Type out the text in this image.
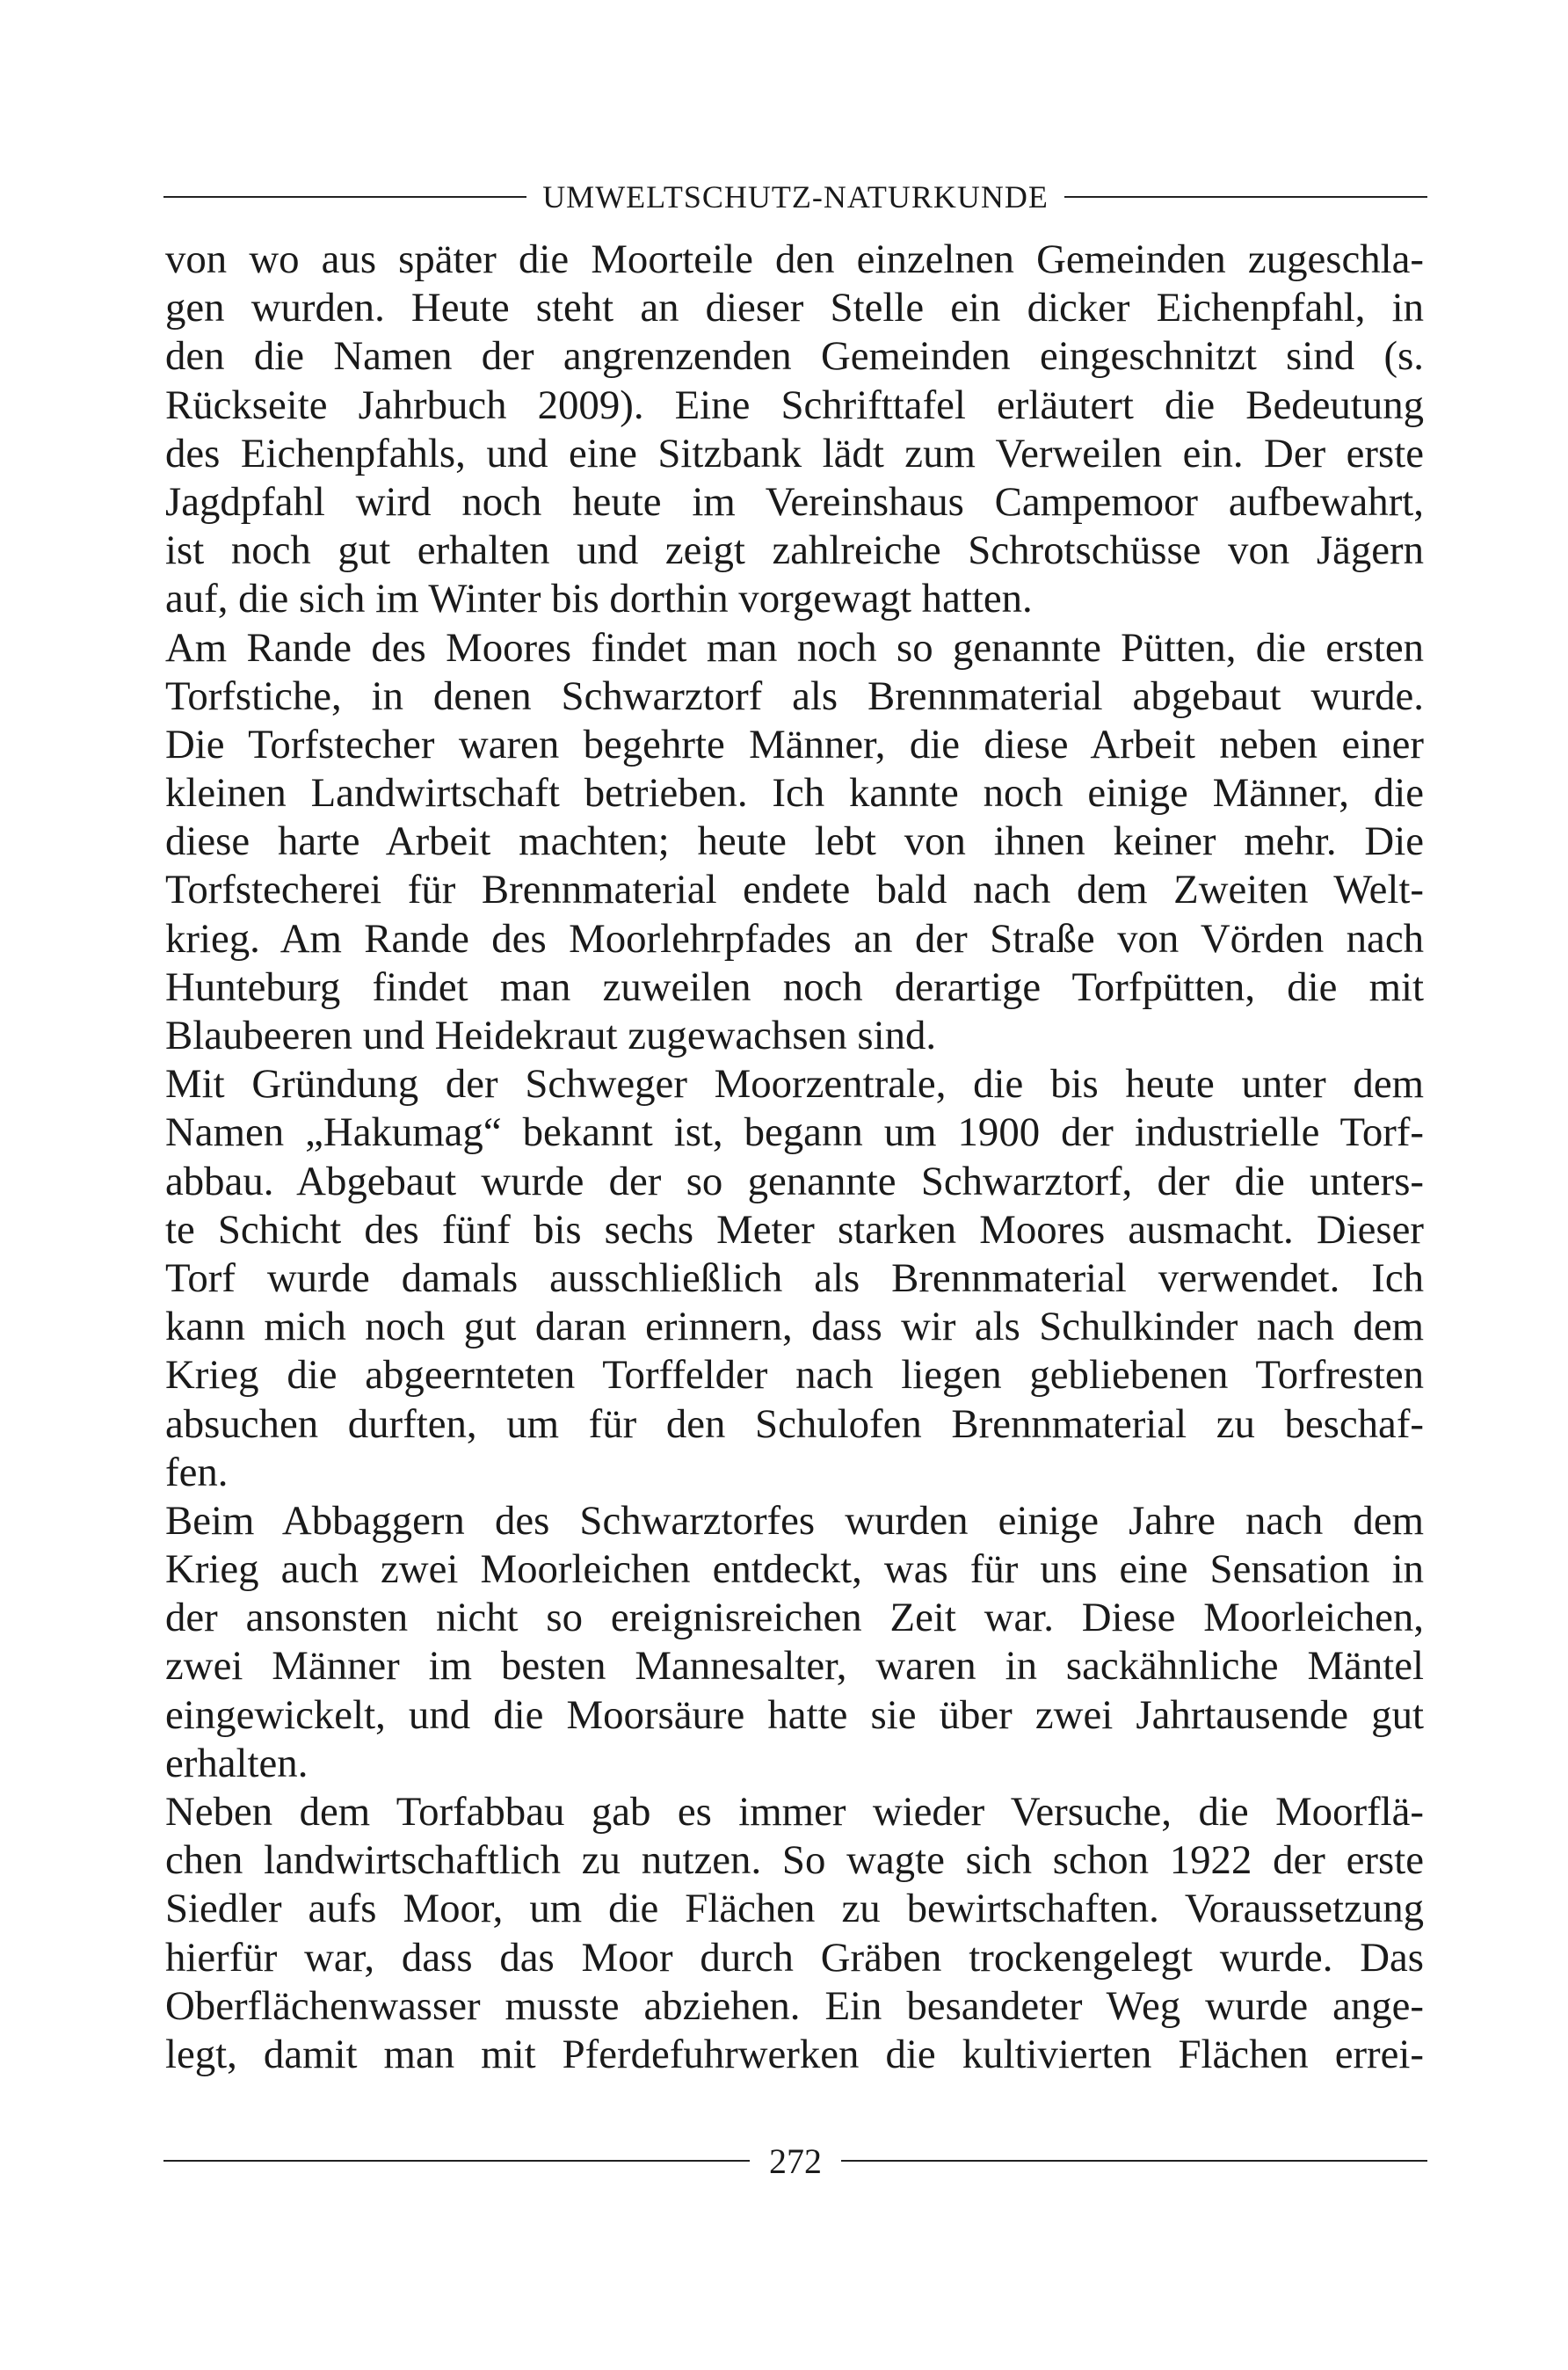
UMWELTSCHUTZ-NATURKUNDE
von wo aus später die Moorteile den einzelnen Gemeinden zugeschla-
gen wurden. Heute steht an dieser Stelle ein dicker Eichenpfahl, in
den die Namen der angrenzenden Gemeinden eingeschnitzt sind (s.
Rückseite Jahrbuch 2009). Eine Schrifttafel erläutert die Bedeutung
des Eichenpfahls, und eine Sitzbank lädt zum Verweilen ein. Der erste
Jagdpfahl wird noch heute im Vereinshaus Campemoor aufbewahrt,
ist noch gut erhalten und zeigt zahlreiche Schrotschüsse von Jägern
auf, die sich im Winter bis dorthin vorgewagt hatten.
Am Rande des Moores findet man noch so genannte Pütten, die ersten
Torfstiche, in denen Schwarztorf als Brennmaterial abgebaut wurde.
Die Torfstecher waren begehrte Männer, die diese Arbeit neben einer
kleinen Landwirtschaft betrieben. Ich kannte noch einige Männer, die
diese harte Arbeit machten; heute lebt von ihnen keiner mehr. Die
Torfstecherei für Brennmaterial endete bald nach dem Zweiten Welt-
krieg. Am Rande des Moorlehrpfades an der Straße von Vörden nach
Hunteburg findet man zuweilen noch derartige Torfpütten, die mit
Blaubeeren und Heidekraut zugewachsen sind.
Mit Gründung der Schweger Moorzentrale, die bis heute unter dem
Namen „Hakumag“ bekannt ist, begann um 1900 der industrielle Torf-
abbau. Abgebaut wurde der so genannte Schwarztorf, der die unters-
te Schicht des fünf bis sechs Meter starken Moores ausmacht. Dieser
Torf wurde damals ausschließlich als Brennmaterial verwendet. Ich
kann mich noch gut daran erinnern, dass wir als Schulkinder nach dem
Krieg die abgeernteten Torffelder nach liegen gebliebenen Torfresten
absuchen durften, um für den Schulofen Brennmaterial zu beschaf-
fen.
Beim Abbaggern des Schwarztorfes wurden einige Jahre nach dem
Krieg auch zwei Moorleichen entdeckt, was für uns eine Sensation in
der ansonsten nicht so ereignisreichen Zeit war. Diese Moorleichen,
zwei Männer im besten Mannesalter, waren in sackähnliche Mäntel
eingewickelt, und die Moorsäure hatte sie über zwei Jahrtausende gut
erhalten.
Neben dem Torfabbau gab es immer wieder Versuche, die Moorflä-
chen landwirtschaftlich zu nutzen. So wagte sich schon 1922 der erste
Siedler aufs Moor, um die Flächen zu bewirtschaften. Voraussetzung
hierfür war, dass das Moor durch Gräben trockengelegt wurde. Das
Oberflächenwasser musste abziehen. Ein besandeter Weg wurde ange-
legt, damit man mit Pferdefuhrwerken die kultivierten Flächen errei-
272
